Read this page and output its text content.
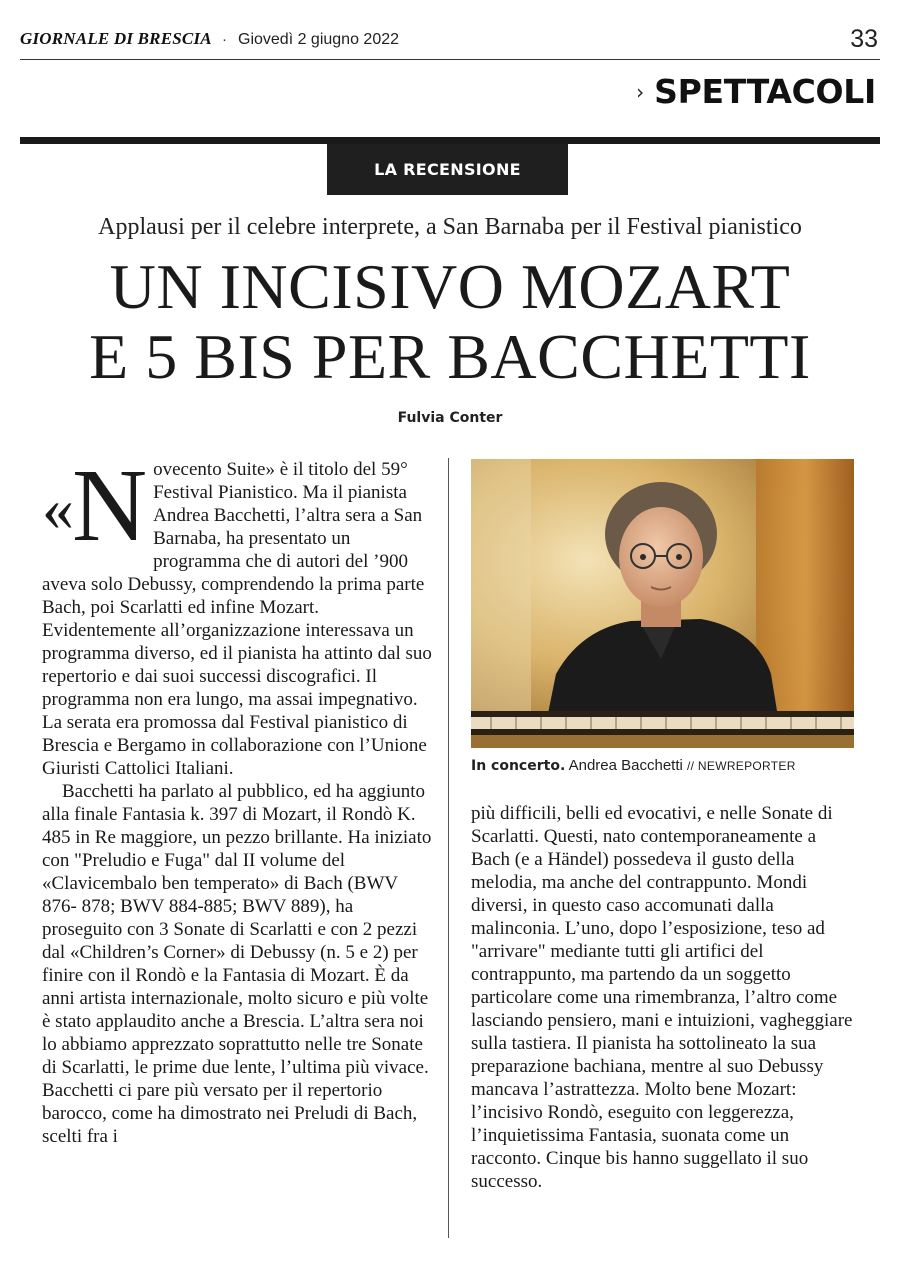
GIORNALE DI BRESCIA · Giovedì 2 giugno 2022	33
› SPETTACOLI
LA RECENSIONE
Applausi per il celebre interprete, a San Barnaba per il Festival pianistico
UN INCISIVO MOZART
E 5 BIS PER BACCHETTI
Fulvia Conter

«N ovecento Suite» è il titolo del 59° Festival Pianistico. Ma il pianista Andrea Bacchetti, l’altra sera a San Barnaba, ha presentato un programma che di autori del ’900 aveva solo Debussy, comprendendo la prima parte Bach, poi Scarlatti ed infine Mozart. Evidentemente all’organizzazione interessava un programma diverso, ed il pianista ha attinto dal suo repertorio e dai suoi successi discografici. Il programma non era lungo, ma assai impegnativo. La serata era promossa dal Festival pianistico di Brescia e Bergamo in collaborazione con l’Unione Giuristi Cattolici Italiani.

Bacchetti ha parlato al pubblico, ed ha aggiunto alla finale Fantasia k. 397 di Mozart, il Rondò K. 485 in Re maggiore, un pezzo brillante. Ha iniziato con "Preludio e Fuga" dal II volume del «Clavicembalo ben temperato» di Bach (BWV 876- 878; BWV 884-885; BWV 889), ha proseguito con 3 Sonate di Scarlatti e con 2 pezzi dal «Children’s Corner» di Debussy (n. 5 e 2) per finire con il Rondò e la Fantasia di Mozart. È da anni artista internazionale, molto sicuro e più volte è stato applaudito anche a Brescia. L’altra sera noi lo abbiamo apprezzato soprattutto nelle tre Sonate di Scarlatti, le prime due lente, l’ultima più vivace. Bacchetti ci pare più versato per il repertorio barocco, come ha dimostrato nei Preludi di Bach, scelti fra i

In concerto. Andrea Bacchetti // NEWREPORTER

più difficili, belli ed evocativi, e nelle Sonate di Scarlatti. Questi, nato contemporaneamente a Bach (e a Händel) possedeva il gusto della melodia, ma anche del contrappunto. Mondi diversi, in questo caso accomunati dalla malinconia. L’uno, dopo l’esposizione, teso ad "arrivare" mediante tutti gli artifici del contrappunto, ma partendo da un soggetto particolare come una rimembranza, l’altro come lasciando pensiero, mani e intuizioni, vagheggiare sulla tastiera. Il pianista ha sottolineato la sua preparazione bachiana, mentre al suo Debussy mancava l’astrattezza. Molto bene Mozart: l’incisivo Rondò, eseguito con leggerezza, l’inquietissima Fantasia, suonata come un racconto. Cinque bis hanno suggellato il suo successo.
